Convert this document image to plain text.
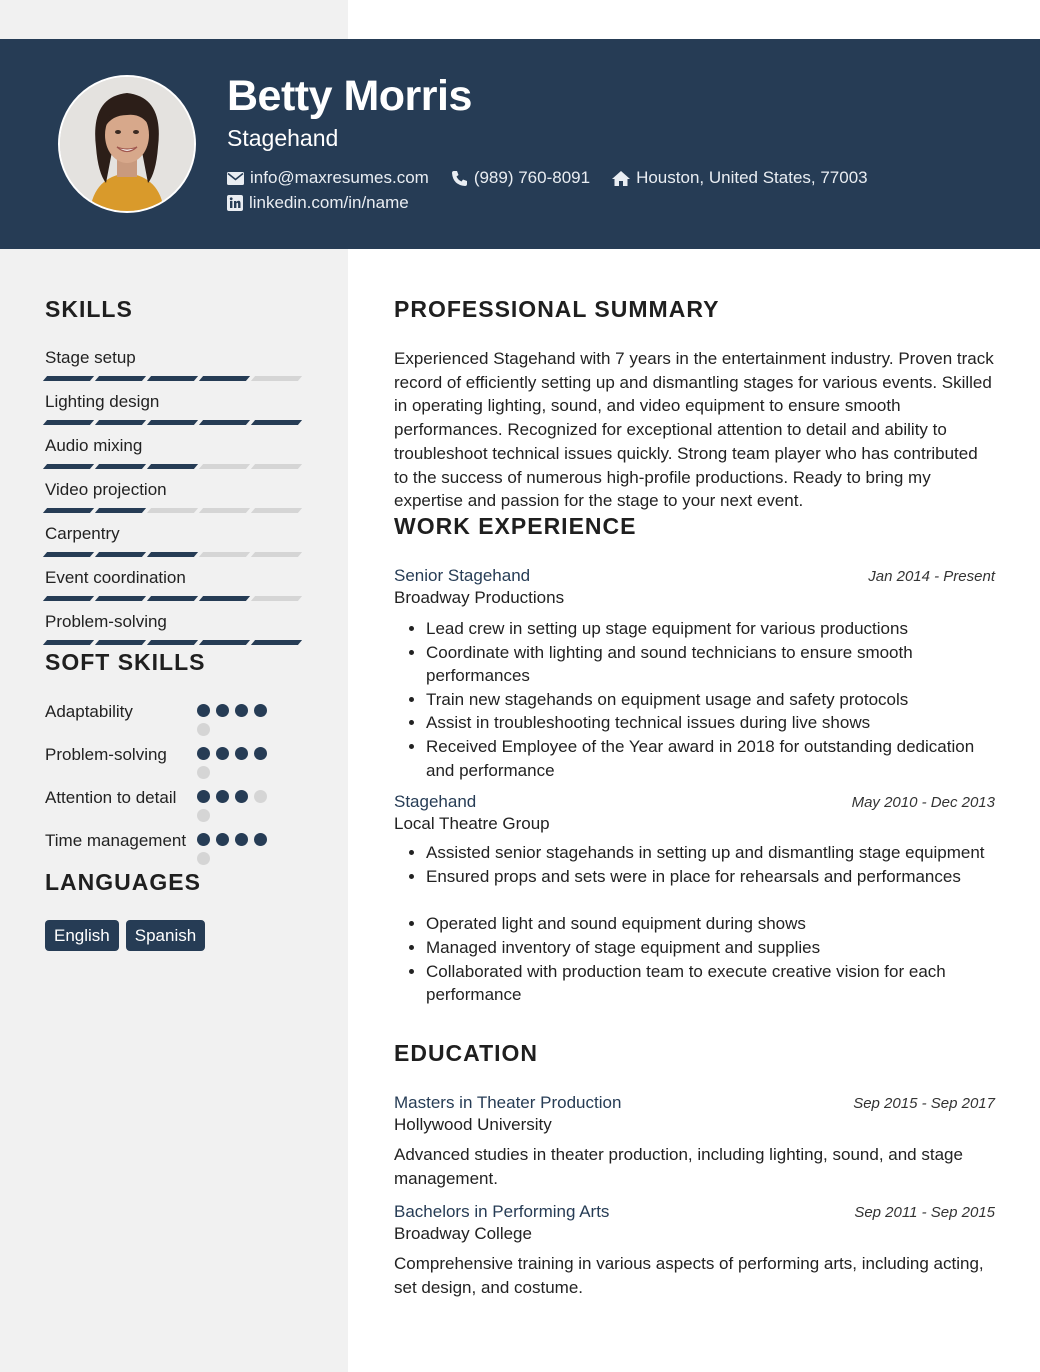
Betty Morris
Stagehand
info@maxresumes.com	(989) 760-8091	Houston, United States, 77003
linkedin.com/in/name
SKILLS
Stage setup
Lighting design
Audio mixing
Video projection
Carpentry
Event coordination
Problem-solving
SOFT SKILLS
Adaptability
Problem-solving
Attention to detail
Time management
LANGUAGES
English	Spanish
PROFESSIONAL SUMMARY

Experienced Stagehand with 7 years in the entertainment industry. Proven track record of efficiently setting up and dismantling stages for various events. Skilled in operating lighting, sound, and video equipment to ensure smooth performances. Recognized for exceptional attention to detail and ability to troubleshoot technical issues quickly. Strong team player who has contributed to the success of numerous high-profile productions. Ready to bring my expertise and passion for the stage to your next event.

WORK EXPERIENCE
Senior Stagehand	Jan 2014 - Present
Broadway Productions
• Lead crew in setting up stage equipment for various productions
• Coordinate with lighting and sound technicians to ensure smooth performances
• Train new stagehands on equipment usage and safety protocols
• Assist in troubleshooting technical issues during live shows
• Received Employee of the Year award in 2018 for outstanding dedication and performance
Stagehand	May 2010 - Dec 2013
Local Theatre Group
• Assisted senior stagehands in setting up and dismantling stage equipment
• Ensured props and sets were in place for rehearsals and performances
• Operated light and sound equipment during shows
• Managed inventory of stage equipment and supplies
• Collaborated with production team to execute creative vision for each performance
EDUCATION
Masters in Theater Production	Sep 2015 - Sep 2017
Hollywood University

Advanced studies in theater production, including lighting, sound, and stage management.

Bachelors in Performing Arts	Sep 2011 - Sep 2015
Broadway College

Comprehensive training in various aspects of performing arts, including acting, set design, and costume.
